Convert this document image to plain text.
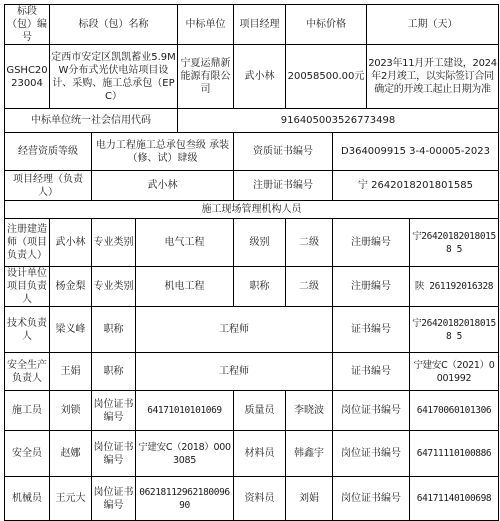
标段（包）编号	标段（包）名称			中标单位	项目经理	中标价格		工期（天）	
GSHC2023004	定西市安定区凯凯蓄业5.9MW分布式光伏电站项目设计、采购、施工总承包（EPC）			宁夏运鼎新能源有限公司	武小林	20058500.00元		2023年11月开工建设，2024年2月竣工，以实际签订合同确定的开竣工起止日期为准	
中标单位统一社会信用代码				916405003526773498					
经营资质等级		电力工程施工总承包叁级 承装（修、试）肆级			资质证书编号		D364009915 3-4-00005-2023		
项目经理（负责人）		武小林			注册证书编号		宁 2642018201801585		
施工现场管理机构人员									
注册建造师（项目负责人）	武小林	专业类别	电气工程		级别	二级	注册编号		宁264201820180158 5
设计单位项目负责人	杨金梨	专业类别	机电工程		职称	二级	注册编号		陕 261192016328
技术负责人	梁义峰	职称	工程师				证书编号		宁264201820180158 5
安全生产负责人	王娟	职称	工程师				证书编号		宁建安C（2021）0001992
施工员	刘锁	岗位证书编号	64171010101069		质量员	李晓波	岗位证书编号		64170060101306
安全员	赵娜	岗位证书编号	宁建安C（2018）0003085		材料员	韩鑫宇	岗位证书编号		64711110100886
机械员	王元大	岗位证书编号	0621811296218009690		资料员	刘娟	岗位证书编号		64171140100698
